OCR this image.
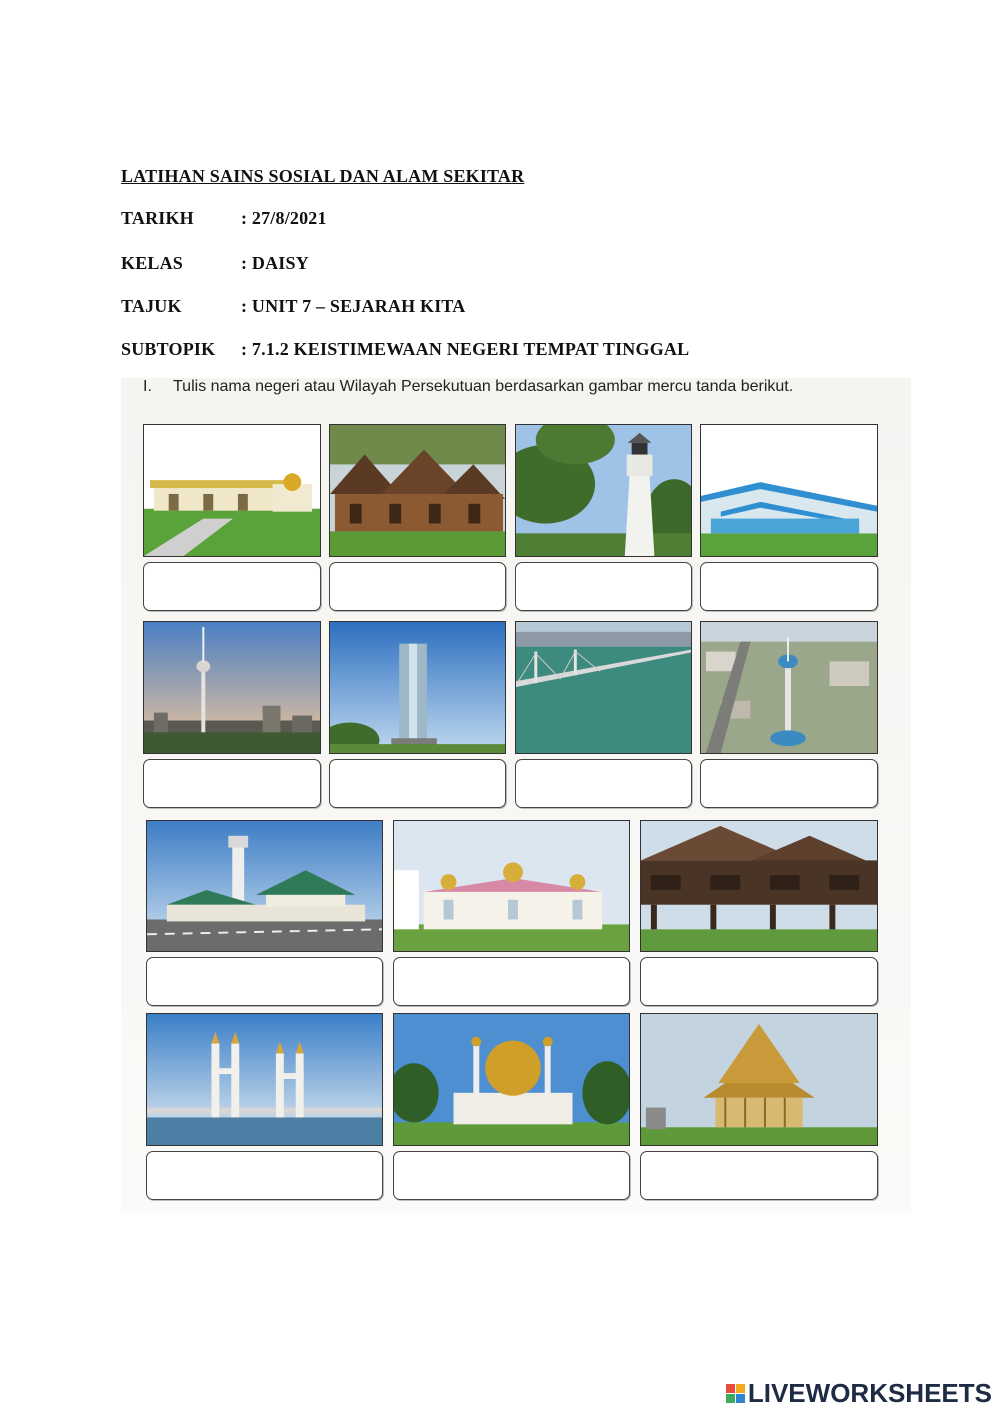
LATIHAN SAINS SOSIAL DAN ALAM SEKITAR
TARIKH	: 27/8/2021
KELAS	: DAISY
TAJUK	: UNIT 7 – SEJARAH KITA
SUBTOPIK : 7.1.2 KEISTIMEWAAN NEGERI TEMPAT TINGGAL
I. Tulis nama negeri atau Wilayah Persekutuan berdasarkan gambar mercu tanda berikut.
LIVEWORKSHEETS
